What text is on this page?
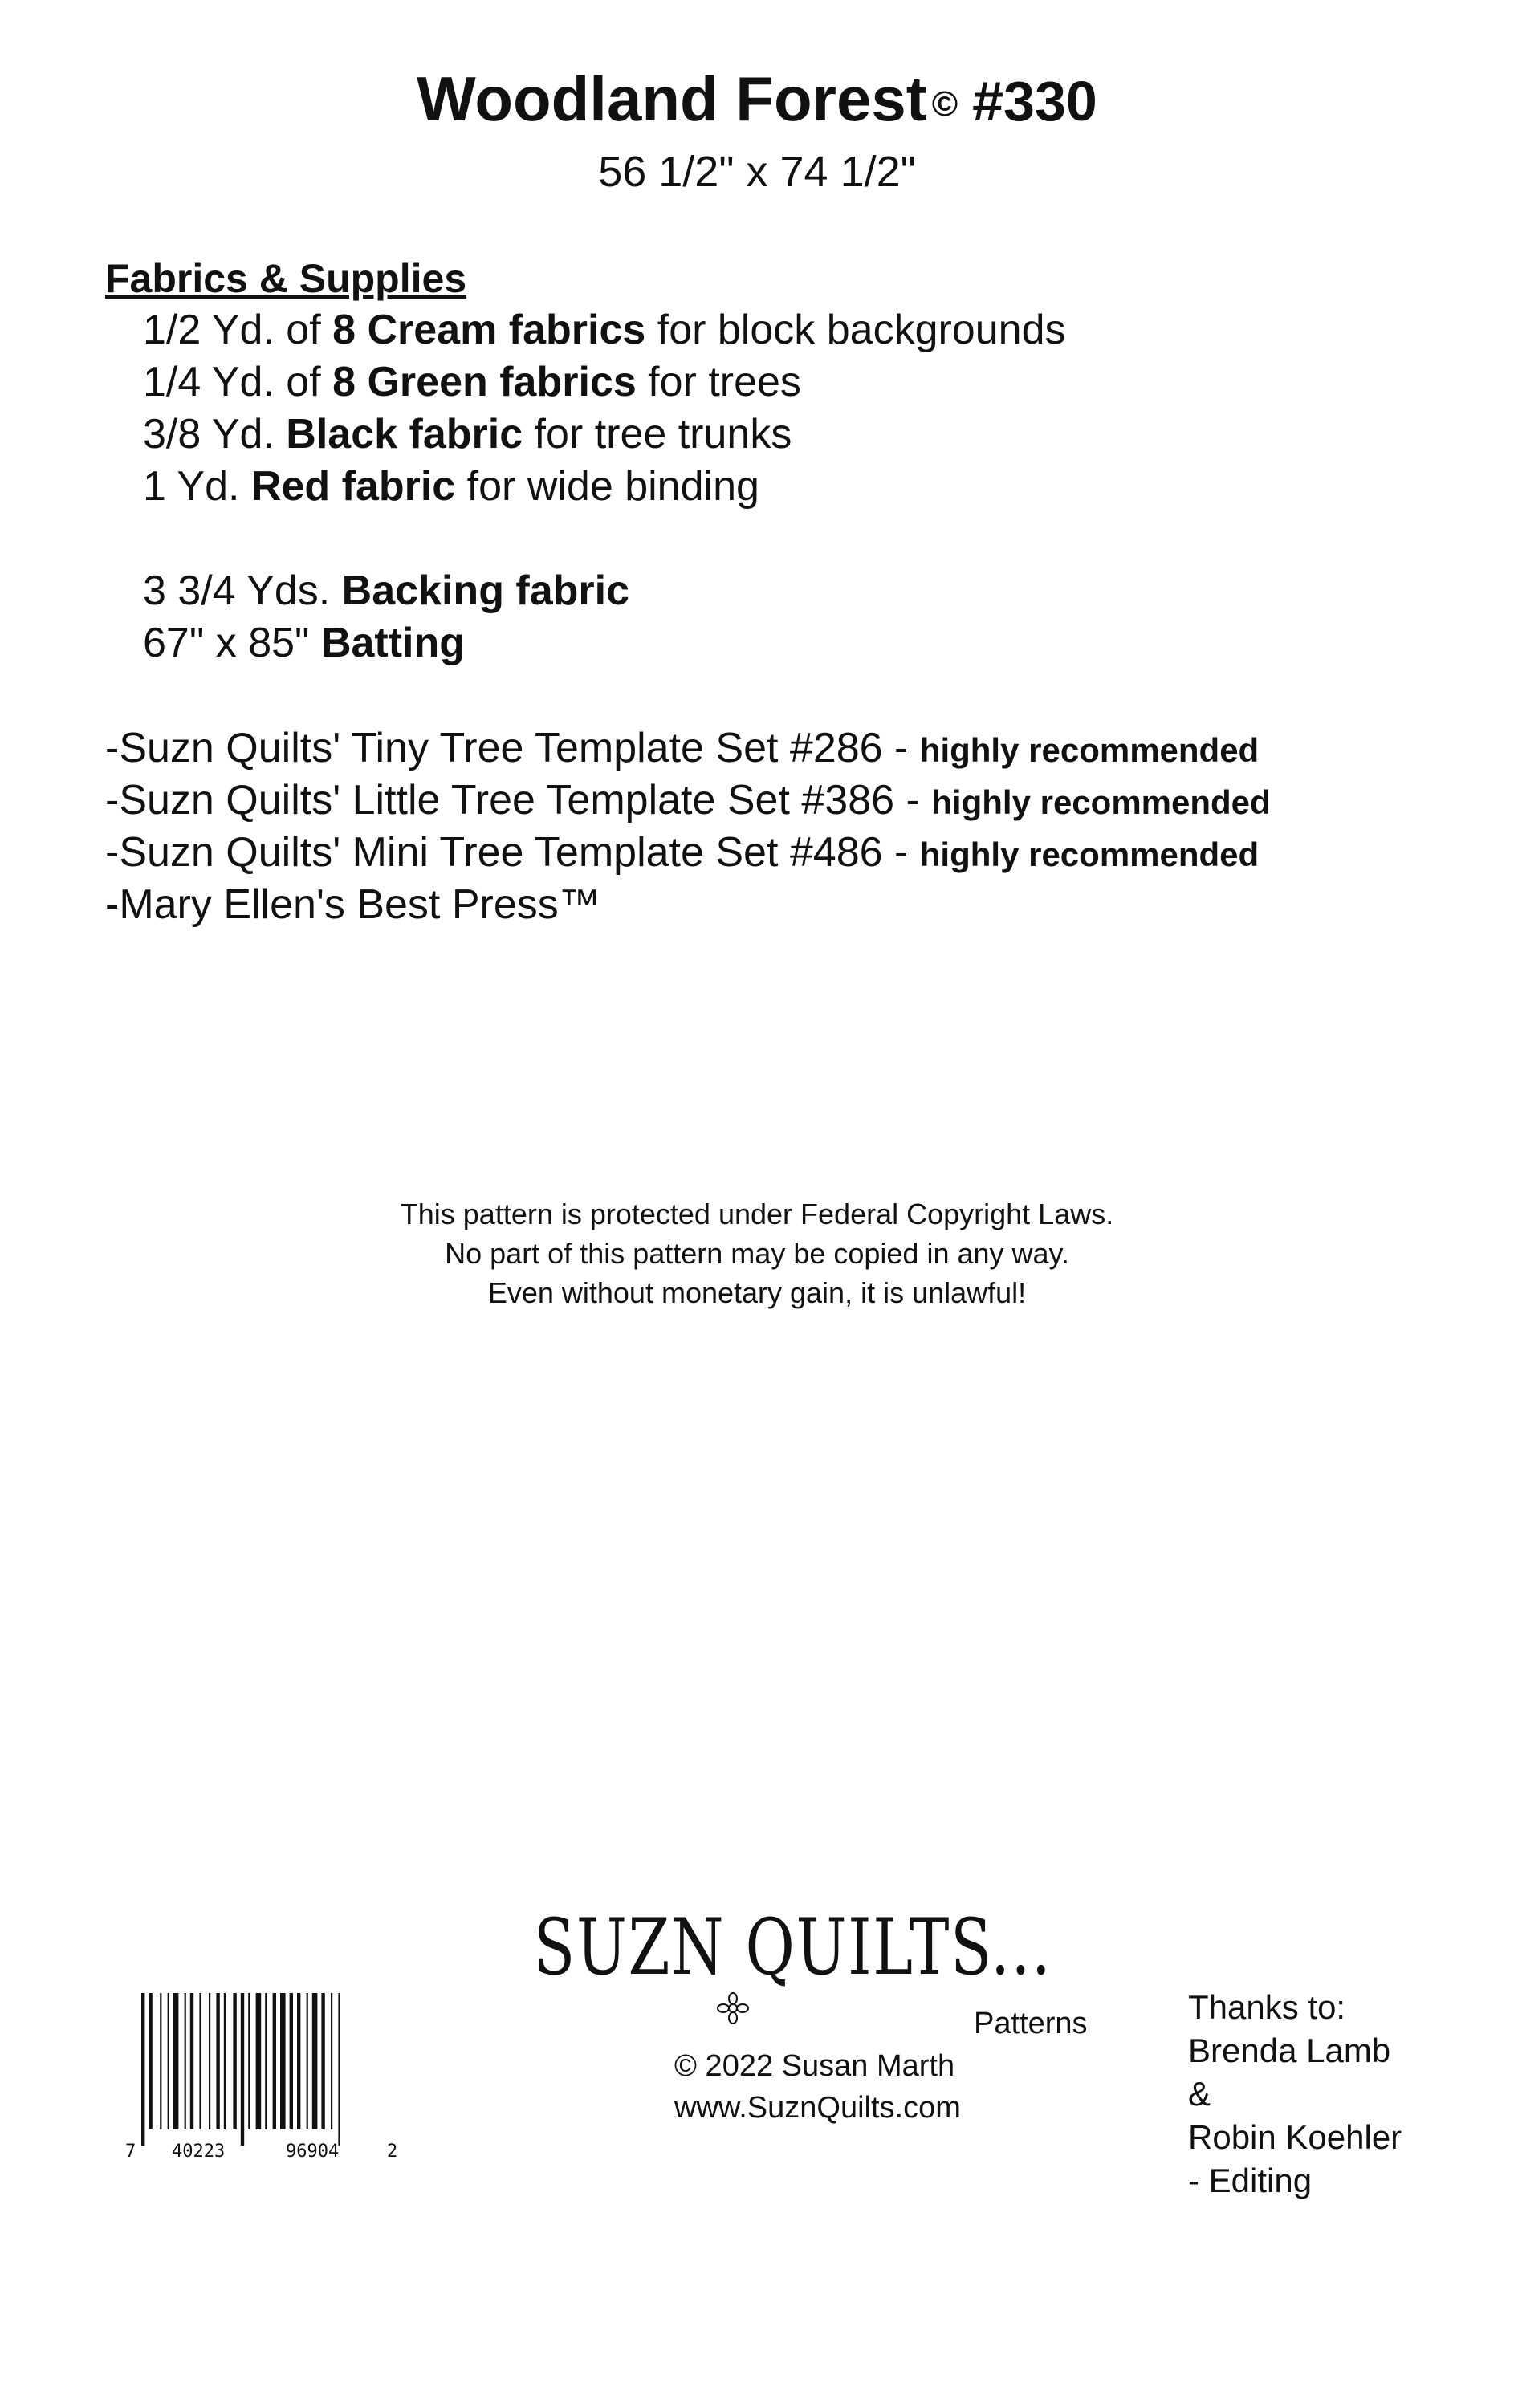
Woodland Forest © #330
56 1/2" x 74 1/2"
Fabrics & Supplies
1/2 Yd. of 8 Cream fabrics for block backgrounds
1/4 Yd. of 8 Green fabrics for trees
3/8 Yd. Black fabric for tree trunks
1 Yd. Red fabric for wide binding
3 3/4 Yds. Backing fabric
67" x 85" Batting
-Suzn Quilts' Tiny Tree Template Set #286 - highly recommended
-Suzn Quilts' Little Tree Template Set #386 - highly recommended
-Suzn Quilts' Mini Tree Template Set #486 - highly recommended
-Mary Ellen's Best Press™
This pattern is protected under Federal Copyright Laws.
No part of this pattern may be copied in any way.
Even without monetary gain, it is unlawful!
SUZN QUILTS...
Patterns
© 2022 Susan Marth
www.SuznQuilts.com
Thanks to:
Brenda Lamb
&
Robin Koehler
- Editing
7 40223	96904	2
